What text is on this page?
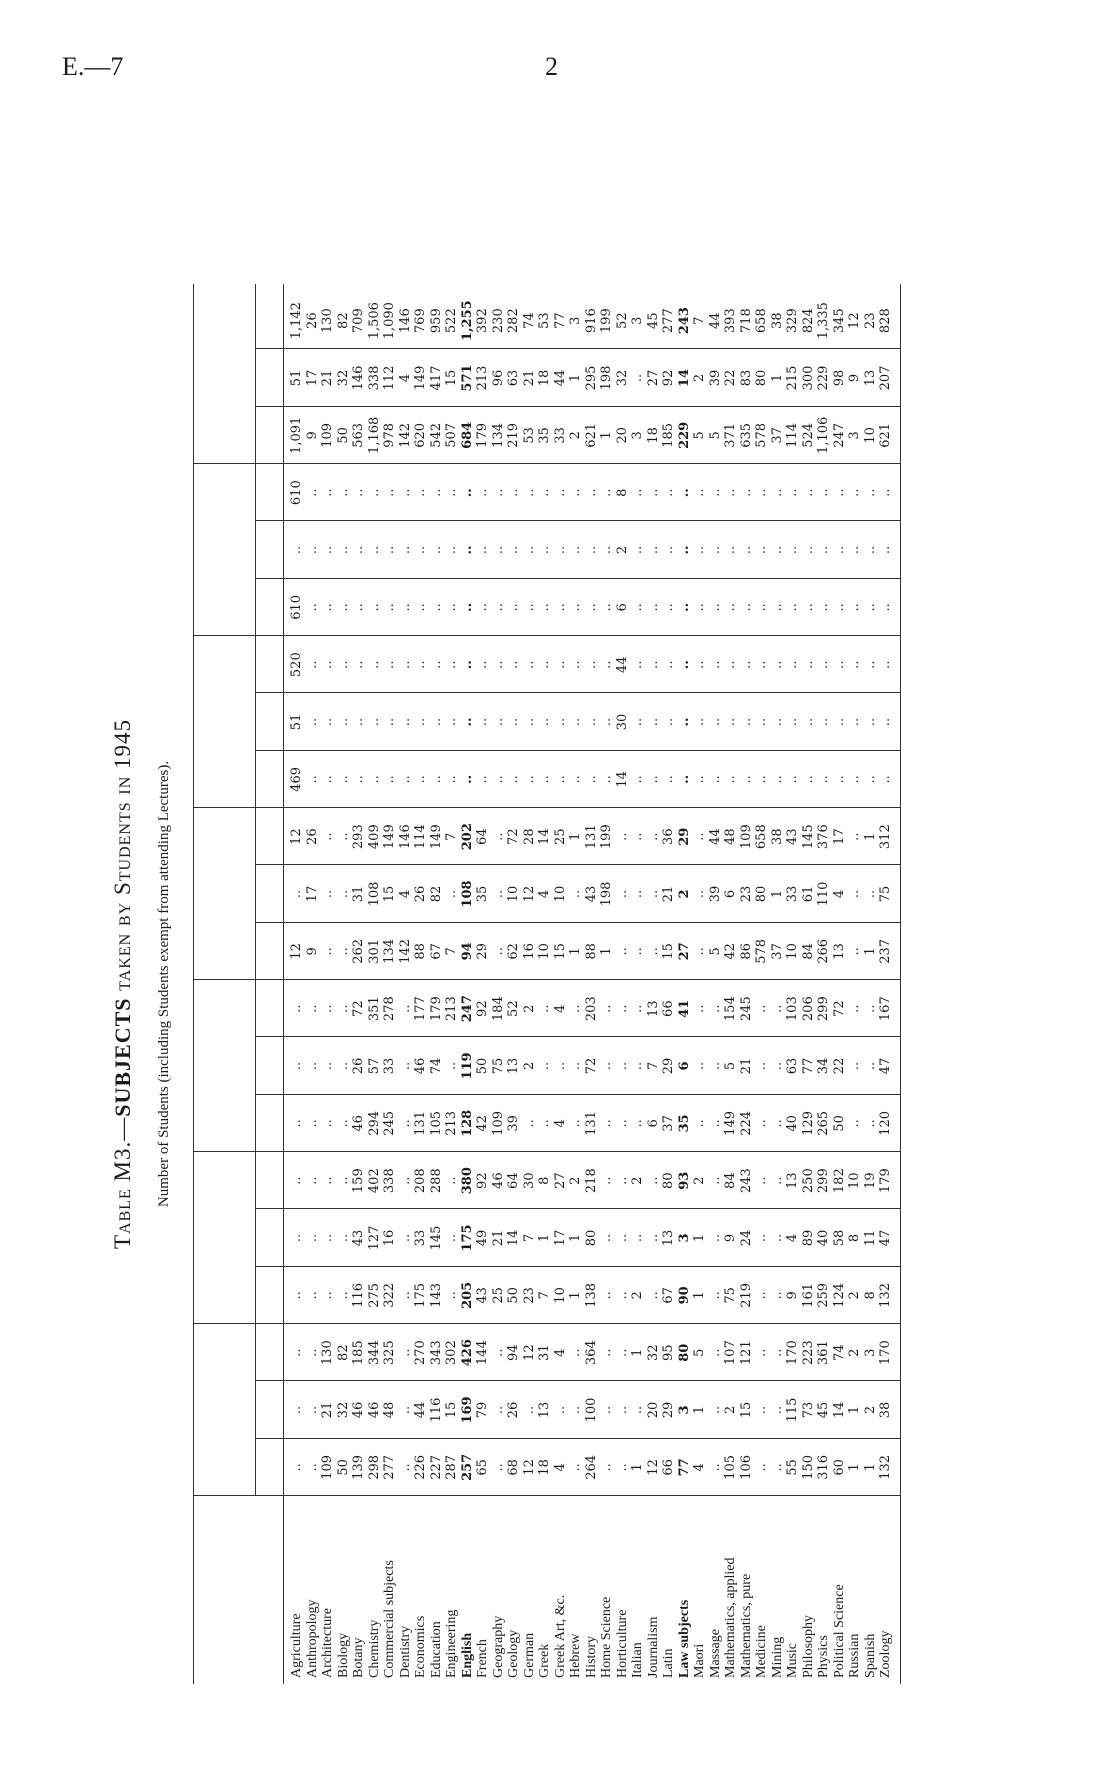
E.—7	2
Table M3.—SUBJECTS taken by Students in 1945 Number of Students (including Students exempt from attending Lectures).
Agriculture
..
..
..
..
..
..
..
..
..
12
..
12
469
51
520
610
..
610
1,091
51
1,142
Anthropology
..
..
..
..
..
..
..
..
..
9
17
26
..
..
..
..
..
..
9
17
26
Architecture
109
21
130
..
..
..
..
..
..
..
..
..
..
..
..
..
..
..
109
21
130
Biology
50
32
82
..
..
..
..
..
..
..
..
..
..
..
..
..
..
..
50
32
82
Botany
139
46
185
116
43
159
46
26
72
262
31
293
..
..
..
..
..
..
563
146
709
Chemistry
298
46
344
275
127
402
294
57
351
301
108
409
..
..
..
..
..
..
1,168
338
1,506
Commercial subjects
277
48
325
322
16
338
245
33
278
134
15
149
..
..
..
..
..
..
978
112
1,090
Dentistry
..
..
..
..
..
..
..
..
..
142
4
146
..
..
..
..
..
..
142
4
146
Economics
226
44
270
175
33
208
131
46
177
88
26
114
..
..
..
..
..
..
620
149
769
Education
227
116
343
143
145
288
105
74
179
67
82
149
..
..
..
..
..
..
542
417
959
Engineering
287
15
302
..
..
..
213
..
213
7
..
7
..
..
..
..
..
..
507
15
522
English
257
169
426
205
175
380
128
119
247
94
108
202
..
..
..
..
..
..
684
571
1,255
French
65
79
144
43
49
92
42
50
92
29
35
64
..
..
..
..
..
..
179
213
392
Geography
..
..
..
25
21
46
109
75
184
..
..
..
..
..
..
..
..
..
134
96
230
Geology
68
26
94
50
14
64
39
13
52
62
10
72
..
..
..
..
..
..
219
63
282
German
12
..
12
23
7
30
..
2
2
16
12
28
..
..
..
..
..
..
53
21
74
Greek
18
13
31
7
1
8
..
..
..
10
4
14
..
..
..
..
..
..
35
18
53
Greek Art, &c.
4
..
4
10
17
27
4
..
4
15
10
25
..
..
..
..
..
..
33
44
77
Hebrew
..
..
..
1
1
2
..
..
..
1
..
1
..
..
..
..
..
..
2
1
3
History
264
100
364
138
80
218
131
72
203
88
43
131
..
..
..
..
..
..
621
295
916
Home Science
..
..
..
..
..
..
..
..
..
1
198
199
..
..
..
..
..
..
1
198
199
Horticulture
..
..
..
..
..
..
..
..
..
..
..
..
14
30
44
6
2
8
20
32
52
Italian
1
..
1
2
..
2
..
..
..
..
..
..
..
..
..
..
..
..
3
..
3
Journalism
12
20
32
..
..
..
6
7
13
..
..
..
..
..
..
..
..
..
18
27
45
Latin
66
29
95
67
13
80
37
29
66
15
21
36
..
..
..
..
..
..
185
92
277
Law subjects
77
3
80
90
3
93
35
6
41
27
2
29
..
..
..
..
..
..
229
14
243
Maori
4
1
5
1
1
2
..
..
..
..
..
..
..
..
..
..
..
..
5
2
7
Massage
..
..
..
..
..
..
..
..
..
5
39
44
..
..
..
..
..
..
5
39
44
Mathematics, applied
105
2
107
75
9
84
149
5
154
42
6
48
..
..
..
..
..
..
371
22
393
Mathematics, pure
106
15
121
219
24
243
224
21
245
86
23
109
..
..
..
..
..
..
635
83
718
Medicine
..
..
..
..
..
..
..
..
..
578
80
658
..
..
..
..
..
..
578
80
658
Mining
..
..
..
..
..
..
..
..
..
37
1
38
..
..
..
..
..
..
37
1
38
Music
55
115
170
9
4
13
40
63
103
10
33
43
..
..
..
..
..
..
114
215
329
Philosophy
150
73
223
161
89
250
129
77
206
84
61
145
..
..
..
..
..
..
524
300
824
Physics
316
45
361
259
40
299
265
34
299
266
110
376
..
..
..
..
..
..
1,106
229
1,335
Political Science
60
14
74
124
58
182
50
22
72
13
4
17
..
..
..
..
..
..
247
98
345
Russian
1
1
2
2
8
10
..
..
..
..
..
..
..
..
..
..
..
..
3
9
12
Spanish
1
2
3
8
11
19
..
..
..
1
..
1
..
..
..
..
..
..
10
13
23
Zoology
132
38
170
132
47
179
120
47
167
237
75
312
..
..
..
..
..
..
621
207
828
